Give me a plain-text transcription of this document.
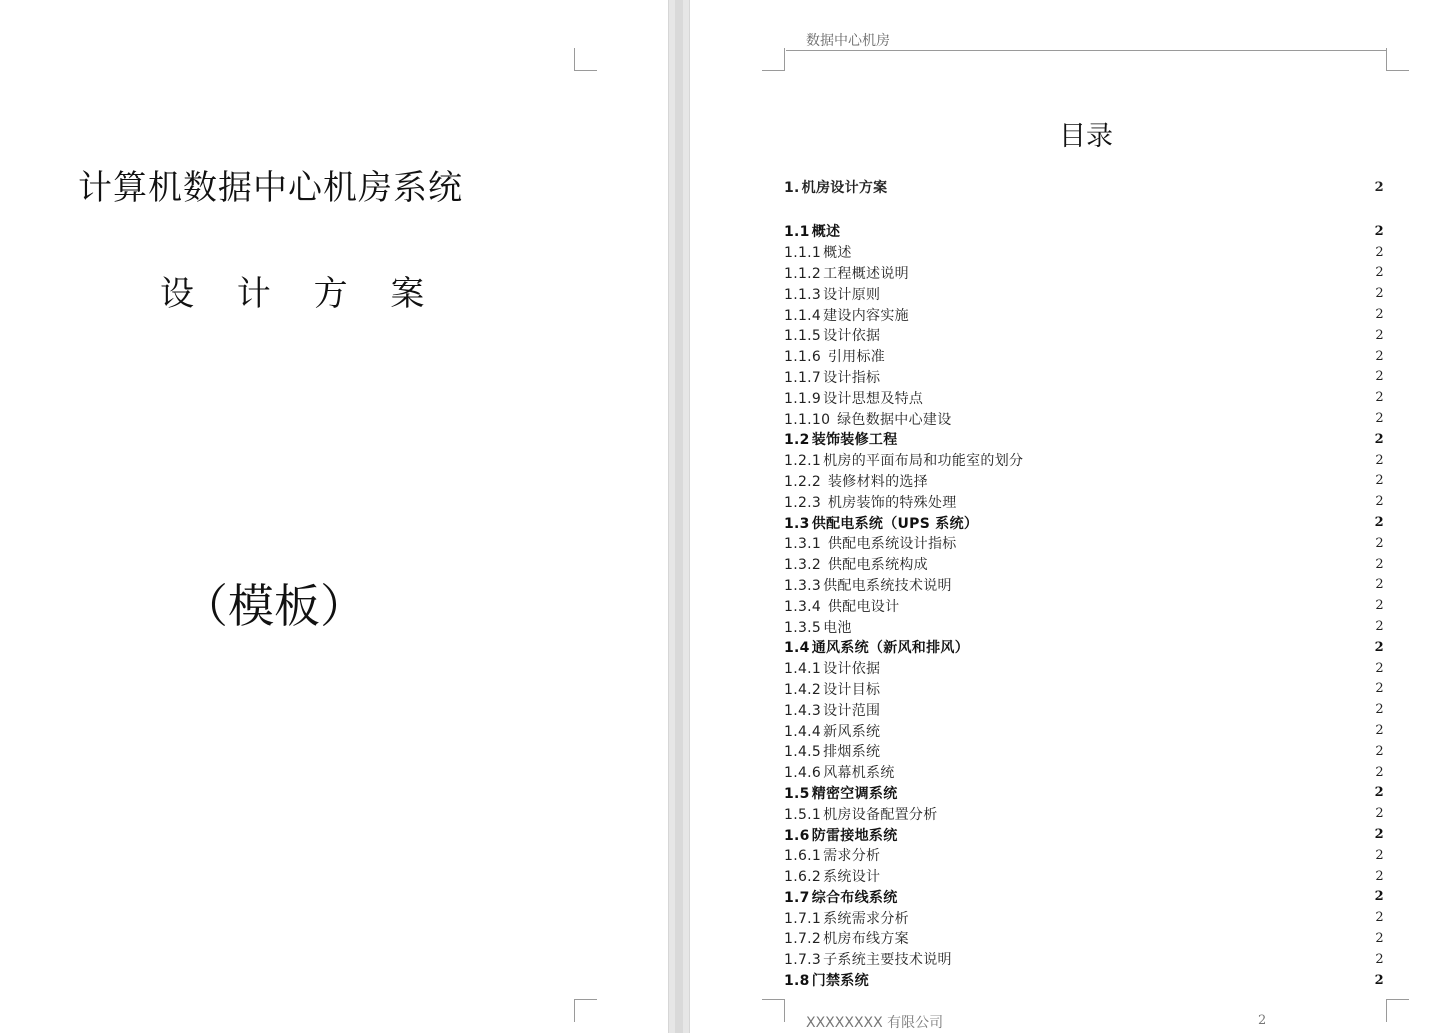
计算机数据中心机房系统
设 计 方 案
（模板）
数据中心机房
目录
1. 机房设计方案	2
1.1 概述	2
1.1.1 概述	2
1.1.2 工程概述说明	2
1.1.3 设计原则	2
1.1.4 建设内容实施	2
1.1.5 设计依据	2
1.1.6 引用标准	2
1.1.7 设计指标	2
1.1.9 设计思想及特点	2
1.1.10 绿色数据中心建设	2
1.2 装饰装修工程	2
1.2.1 机房的平面布局和功能室的划分	2
1.2.2 装修材料的选择	2
1.2.3 机房装饰的特殊处理	2
1.3 供配电系统（UPS 系统）	2
1.3.1 供配电系统设计指标	2
1.3.2 供配电系统构成	2
1.3.3 供配电系统技术说明	2
1.3.4 供配电设计	2
1.3.5 电池	2
1.4 通风系统（新风和排风）	2
1.4.1 设计依据	2
1.4.2 设计目标	2
1.4.3 设计范围	2
1.4.4 新风系统	2
1.4.5 排烟系统	2
1.4.6 风幕机系统	2
1.5 精密空调系统	2
1.5.1 机房设备配置分析	2
1.6 防雷接地系统	2
1.6.1 需求分析	2
1.6.2 系统设计	2
1.7 综合布线系统	2
1.7.1 系统需求分析	2
1.7.2 机房布线方案	2
1.7.3 子系统主要技术说明	2
1.8 门禁系统	2
XXXXXXXX 有限公司	2
